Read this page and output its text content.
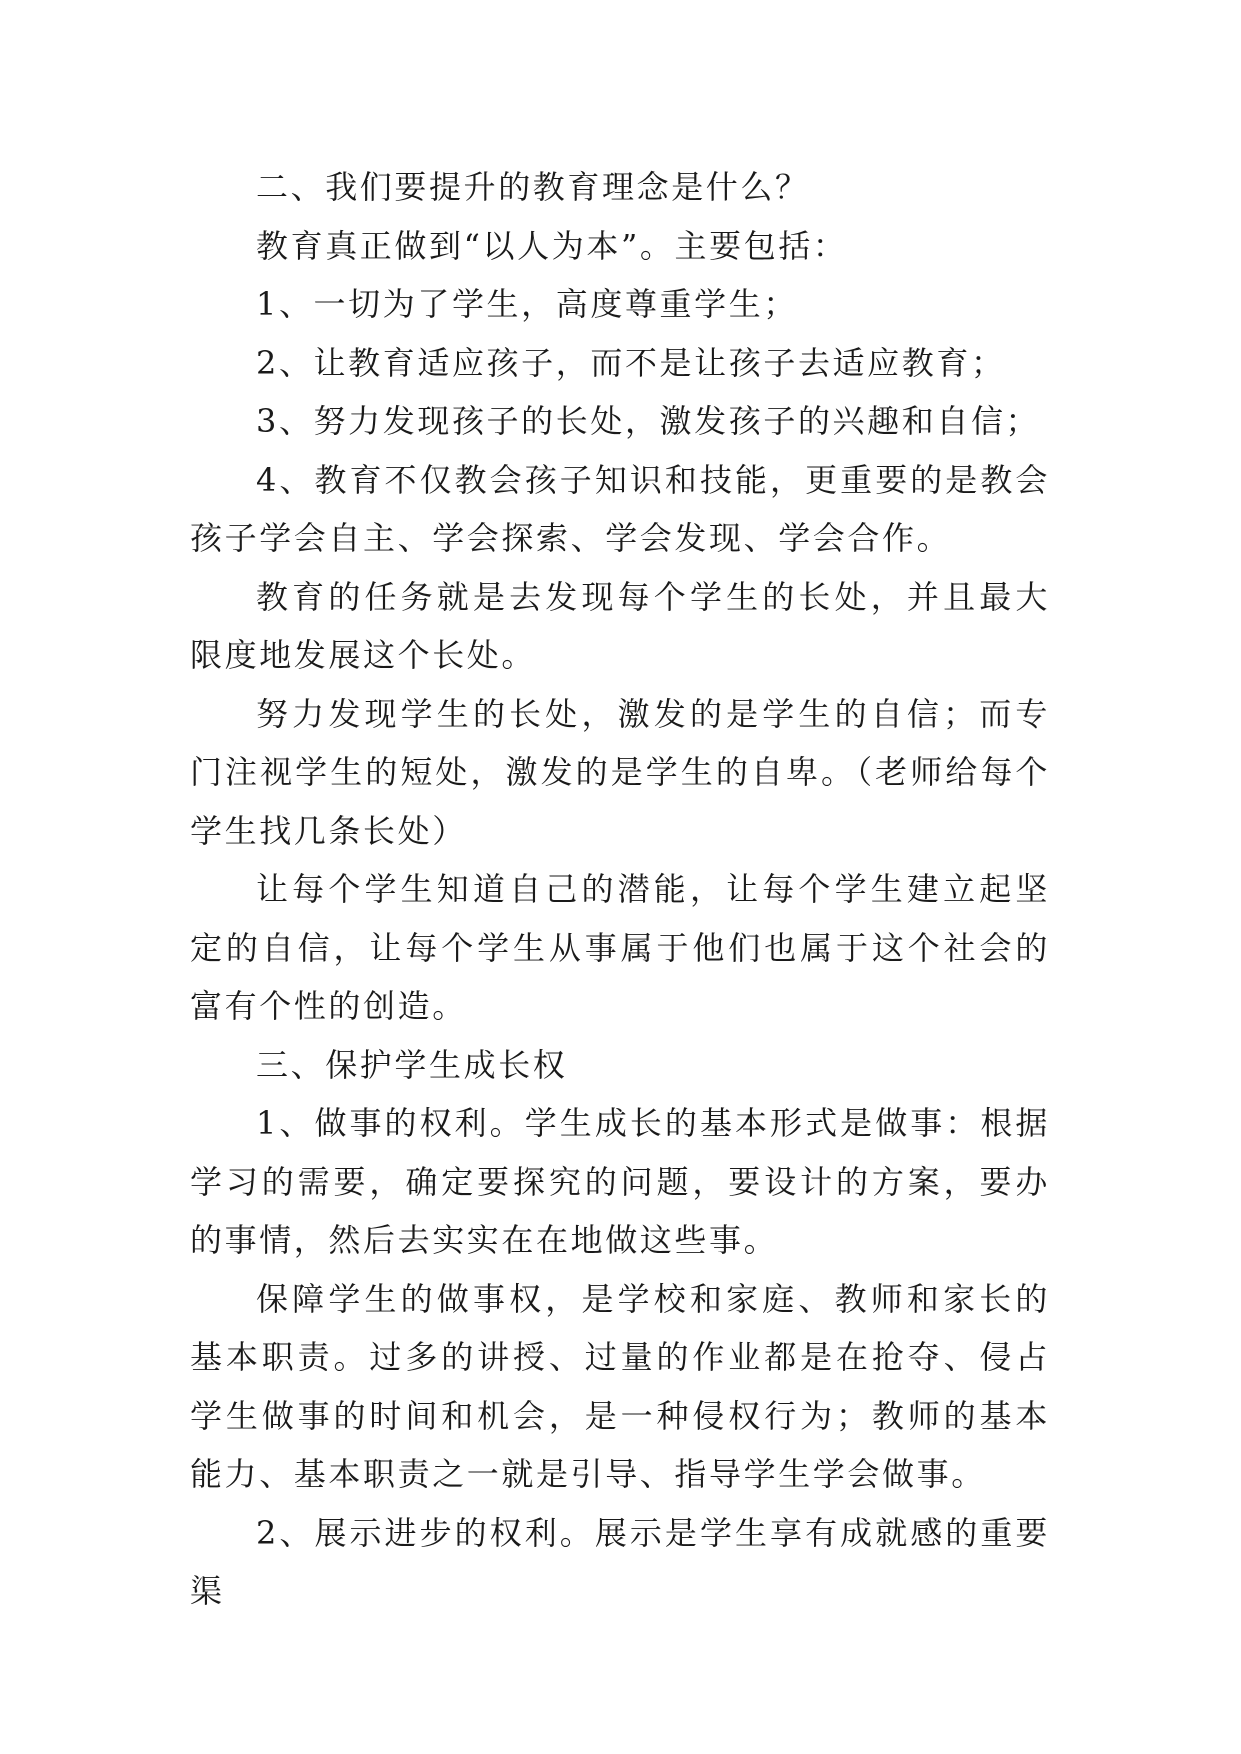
二、我们要提升的教育理念是什么？

教育真正做到“以人为本”。主要包括：

1、一切为了学生，高度尊重学生；

2、让教育适应孩子，而不是让孩子去适应教育；

3、努力发现孩子的长处，激发孩子的兴趣和自信；

4、教育不仅教会孩子知识和技能，更重要的是教会孩子学会自主、学会探索、学会发现、学会合作。

教育的任务就是去发现每个学生的长处，并且最大限度地发展这个长处。

努力发现学生的长处，激发的是学生的自信；而专门注视学生的短处，激发的是学生的自卑。（老师给每个学生找几条长处）

让每个学生知道自己的潜能，让每个学生建立起坚定的自信，让每个学生从事属于他们也属于这个社会的富有个性的创造。

三、保护学生成长权

1、做事的权利。学生成长的基本形式是做事：根据学习的需要，确定要探究的问题，要设计的方案，要办的事情，然后去实实在在地做这些事。

保障学生的做事权，是学校和家庭、教师和家长的基本职责。过多的讲授、过量的作业都是在抢夺、侵占学生做事的时间和机会，是一种侵权行为；教师的基本能力、基本职责之一就是引导、指导学生学会做事。

2、展示进步的权利。展示是学生享有成就感的重要渠
